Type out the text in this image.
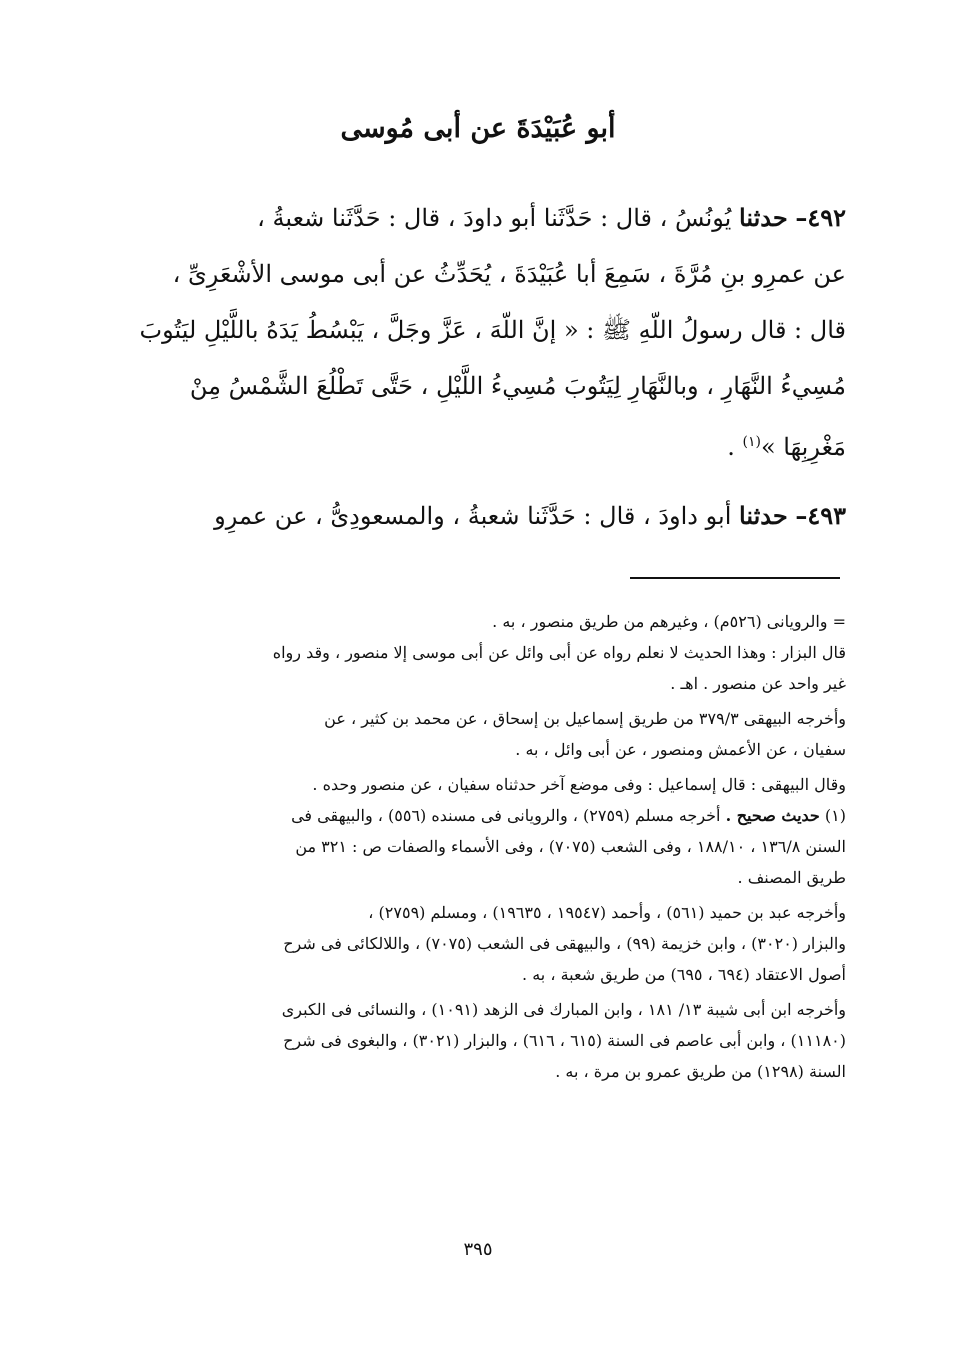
أبو عُبَيْدَةَ عن أبى مُوسى
٤٩٢– حدثنا يُونُسُ ، قال : حَدَّثَنا أبو داودَ ، قال : حَدَّثَنا شعبةُ ،
عن عمرِو بنِ مُرَّةَ ، سَمِعَ أبا عُبَيْدَةَ ، يُحَدِّثُ عن أبى موسى الأشْعَرِىِّ ،
قال : قال رسولُ اللّهِ ﷺ : « إنَّ اللّهَ ، عَزَّ وجَلَّ ، يَبْسُطُ يَدَهُ باللَّيْلِ ليَتُوبَ
مُسِيءُ النَّهَارِ ، وبالنَّهَارِ لِيَتُوبَ مُسِيءُ اللَّيْلِ ، حَتَّى تَطْلُعَ الشَّمْسُ مِنْ
مَغْرِبِهَا »$^{(١)}$ .
٤٩٣– حدثنا أبو داودَ ، قال : حَدَّثَنا شعبةُ ، والمسعودِىُّ ، عن عمرِو
= والرويانى (٥٢٦م) ، وغيرهم من طريق منصور ، به .
قال البزار : وهذا الحديث لا نعلم رواه عن أبى وائل عن أبى موسى إلا منصور ، وقد رواه
غير واحد عن منصور . اهـ .
وأخرجه البيهقى ٣٧٩/٣ من طريق إسماعيل بن إسحاق ، عن محمد بن كثير ، عن
سفيان ، عن الأعمش ومنصور ، عن أبى وائل ، به .
وقال البيهقى : قال إسماعيل : وفى موضع آخر حدثناه سفيان ، عن منصور وحده .
(١) حديث صحيح . أخرجه مسلم (٢٧٥٩) ، والرويانى فى مسنده (٥٥٦) ، والبيهقى فى
السنن ١٣٦/٨ ، ١٨٨/١٠ ، وفى الشعب (٧٠٧٥) ، وفى الأسماء والصفات ص : ٣٢١ من
طريق المصنف .
وأخرجه عبد بن حميد (٥٦١) ، وأحمد (١٩٥٤٧ ، ١٩٦٣٥) ، ومسلم (٢٧٥٩) ،
والبزار (٣٠٢٠) ، وابن خزيمة (٩٩) ، والبيهقى فى الشعب (٧٠٧٥) ، واللالكائى فى شرح
أصول الاعتقاد (٦٩٤ ، ٦٩٥) من طريق شعبة ، به .
وأخرجه ابن أبى شيبة ١٣/ ١٨١ ، وابن المبارك فى الزهد (١٠٩١) ، والنسائى فى الكبرى
(١١١٨٠) ، وابن أبى عاصم فى السنة (٦١٥ ، ٦١٦) ، والبزار (٣٠٢١) ، والبغوى فى شرح
السنة (١٢٩٨) من طريق عمرو بن مرة ، به .
٣٩٥
